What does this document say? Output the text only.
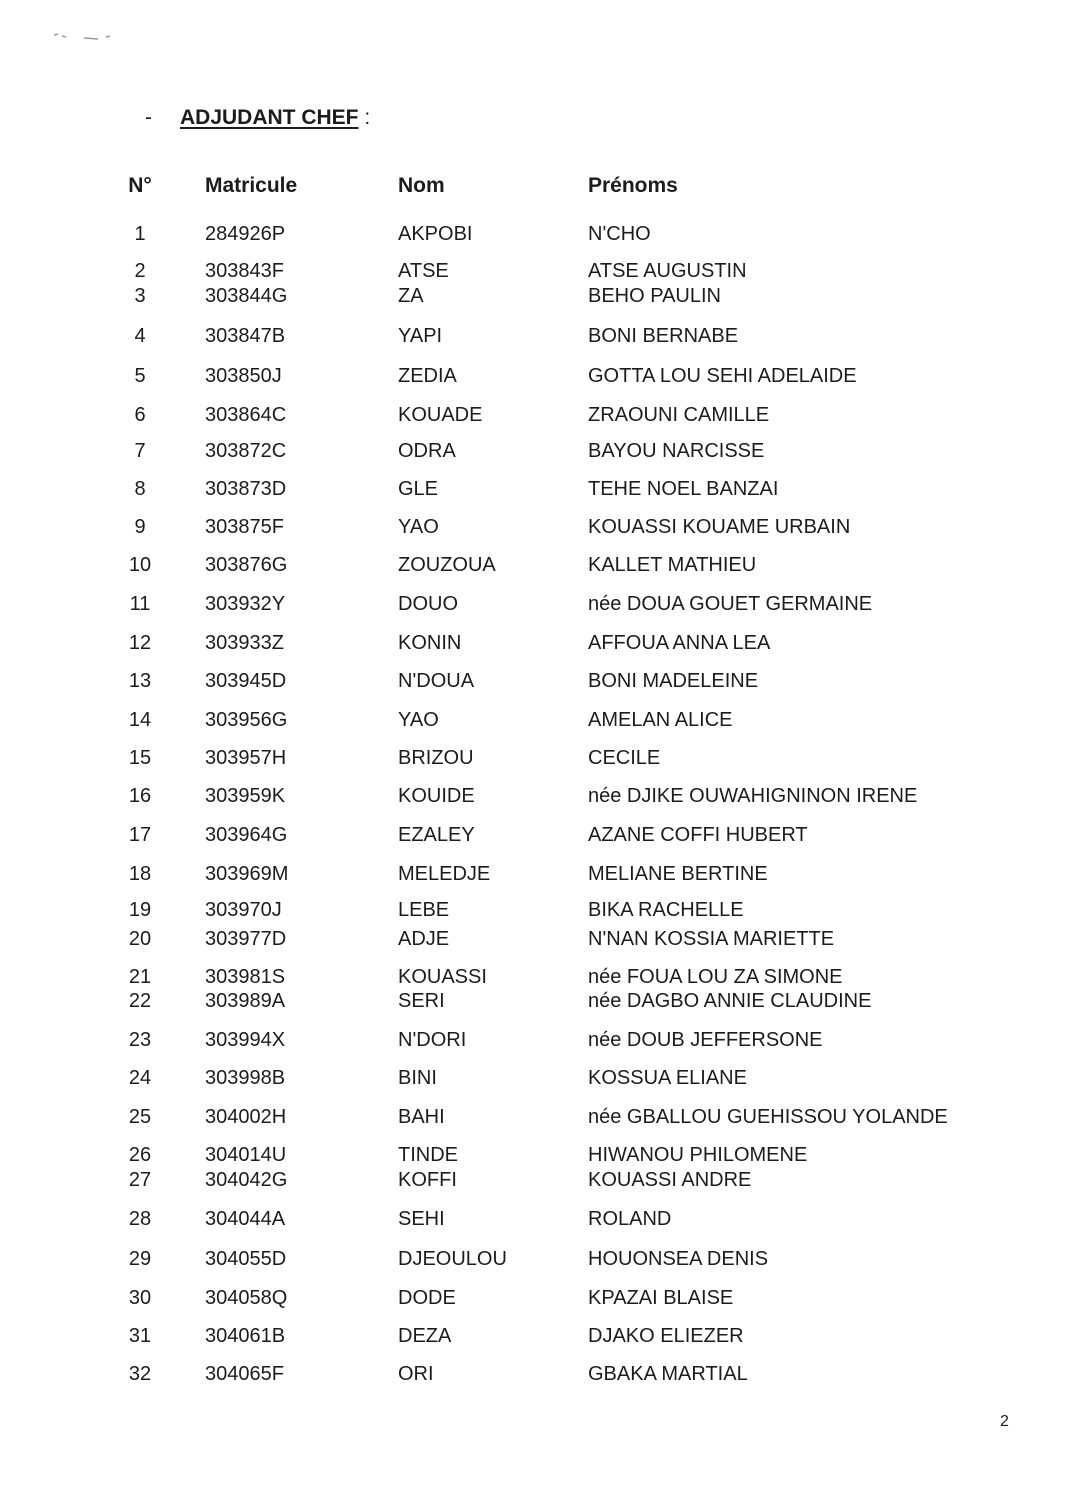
- ADJUDANT CHEF :
N°	Matricule	Nom	Prénoms
1	284926P	AKPOBI	N'CHO
2	303843F	ATSE	ATSE AUGUSTIN
3	303844G	ZA	BEHO PAULIN
4	303847B	YAPI	BONI BERNABE
5	303850J	ZEDIA	GOTTA LOU SEHI ADELAIDE
6	303864C	KOUADE	ZRAOUNI CAMILLE
7	303872C	ODRA	BAYOU NARCISSE
8	303873D	GLE	TEHE NOEL BANZAI
9	303875F	YAO	KOUASSI KOUAME URBAIN
10	303876G	ZOUZOUA	KALLET MATHIEU
11	303932Y	DOUO	née DOUA GOUET GERMAINE
12	303933Z	KONIN	AFFOUA ANNA LEA
13	303945D	N'DOUA	BONI MADELEINE
14	303956G	YAO	AMELAN ALICE
15	303957H	BRIZOU	CECILE
16	303959K	KOUIDE	née DJIKE OUWAHIGNINON IRENE
17	303964G	EZALEY	AZANE COFFI HUBERT
18	303969M	MELEDJE	MELIANE BERTINE
19	303970J	LEBE	BIKA RACHELLE
20	303977D	ADJE	N'NAN KOSSIA MARIETTE
21	303981S	KOUASSI	née FOUA LOU ZA SIMONE
22	303989A	SERI	née DAGBO ANNIE CLAUDINE
23	303994X	N'DORI	née DOUB JEFFERSONE
24	303998B	BINI	KOSSUA ELIANE
25	304002H	BAHI	née GBALLOU GUEHISSOU YOLANDE
26	304014U	TINDE	HIWANOU PHILOMENE
27	304042G	KOFFI	KOUASSI ANDRE
28	304044A	SEHI	ROLAND
29	304055D	DJEOULOU	HOUONSEA DENIS
30	304058Q	DODE	KPAZAI BLAISE
31	304061B	DEZA	DJAKO ELIEZER
32	304065F	ORI	GBAKA MARTIAL
2
